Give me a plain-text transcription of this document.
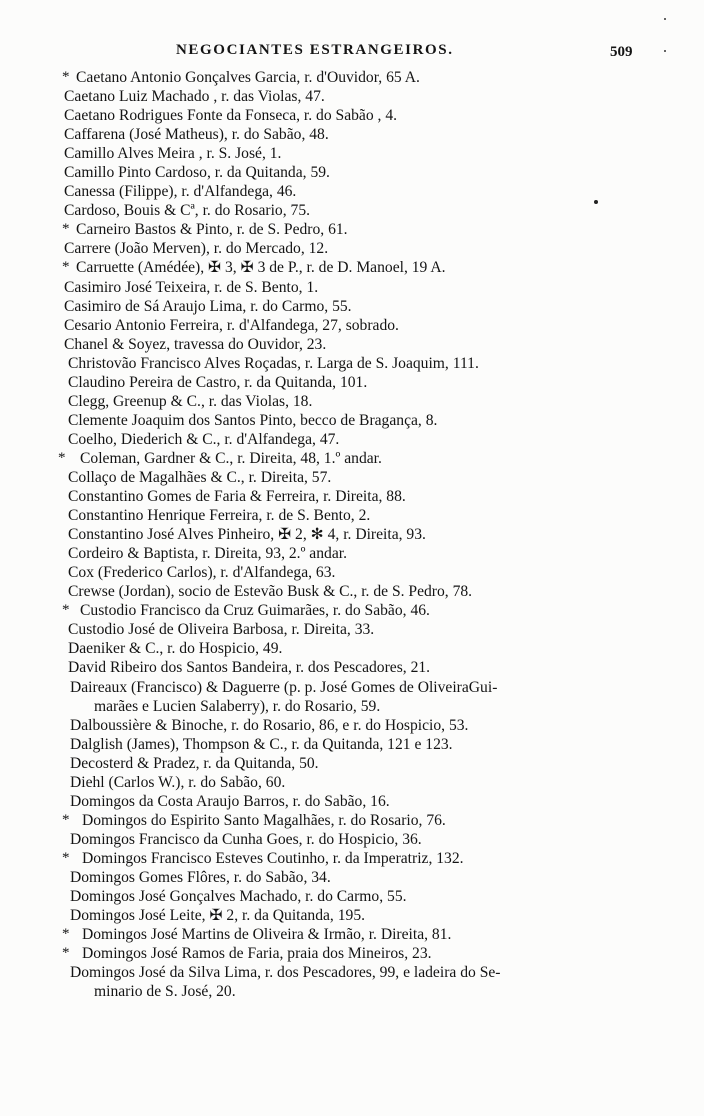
NEGOCIANTES ESTRANGEIROS.	509
* Caetano Antonio Gonçalves Garcia, r. d'Ouvidor, 65 A.
Caetano Luiz Machado , r. das Violas, 47.
Caetano Rodrigues Fonte da Fonseca, r. do Sabão , 4.
Caffarena (José Matheus), r. do Sabão, 48.
Camillo Alves Meira , r. S. José, 1.
Camillo Pinto Cardoso, r. da Quitanda, 59.
Canessa (Filippe), r. d'Alfandega, 46.
Cardoso, Bouis & Cª, r. do Rosario, 75.
* Carneiro Bastos & Pinto, r. de S. Pedro, 61.
Carrere (João Merven), r. do Mercado, 12.
* Carruette (Amédée), ✠ 3, ✠ 3 de P., r. de D. Manoel, 19 A.
Casimiro José Teixeira, r. de S. Bento, 1.
Casimiro de Sá Araujo Lima, r. do Carmo, 55.
Cesario Antonio Ferreira, r. d'Alfandega, 27, sobrado.
Chanel & Soyez, travessa do Ouvidor, 23.
Christovão Francisco Alves Roçadas, r. Larga de S. Joaquim, 111.
Claudino Pereira de Castro, r. da Quitanda, 101.
Clegg, Greenup & C., r. das Violas, 18.
Clemente Joaquim dos Santos Pinto, becco de Bragança, 8.
Coelho, Diederich & C., r. d'Alfandega, 47.
* Coleman, Gardner & C., r. Direita, 48, 1.º andar.
Collaço de Magalhães & C., r. Direita, 57.
Constantino Gomes de Faria & Ferreira, r. Direita, 88.
Constantino Henrique Ferreira, r. de S. Bento, 2.
Constantino José Alves Pinheiro, ✠ 2, ✻ 4, r. Direita, 93.
Cordeiro & Baptista, r. Direita, 93, 2.º andar.
Cox (Frederico Carlos), r. d'Alfandega, 63.
Crewse (Jordan), socio de Estevão Busk & C., r. de S. Pedro, 78.
* Custodio Francisco da Cruz Guimarães, r. do Sabão, 46.
Custodio José de Oliveira Barbosa, r. Direita, 33.
Daeniker & C., r. do Hospicio, 49.
David Ribeiro dos Santos Bandeira, r. dos Pescadores, 21.
Daireaux (Francisco) & Daguerre (p. p. José Gomes de OliveiraGui-
marães e Lucien Salaberry), r. do Rosario, 59.
Dalboussière & Binoche, r. do Rosario, 86, e r. do Hospicio, 53.
Dalglish (James), Thompson & C., r. da Quitanda, 121 e 123.
Decosterd & Pradez, r. da Quitanda, 50.
Diehl (Carlos W.), r. do Sabão, 60.
Domingos da Costa Araujo Barros, r. do Sabão, 16.
* Domingos do Espirito Santo Magalhães, r. do Rosario, 76.
Domingos Francisco da Cunha Goes, r. do Hospicio, 36.
* Domingos Francisco Esteves Coutinho, r. da Imperatriz, 132.
Domingos Gomes Flôres, r. do Sabão, 34.
Domingos José Gonçalves Machado, r. do Carmo, 55.
Domingos José Leite, ✠ 2, r. da Quitanda, 195.
* Domingos José Martins de Oliveira & Irmão, r. Direita, 81.
* Domingos José Ramos de Faria, praia dos Mineiros, 23.
Domingos José da Silva Lima, r. dos Pescadores, 99, e ladeira do Se-
minario de S. José, 20.
